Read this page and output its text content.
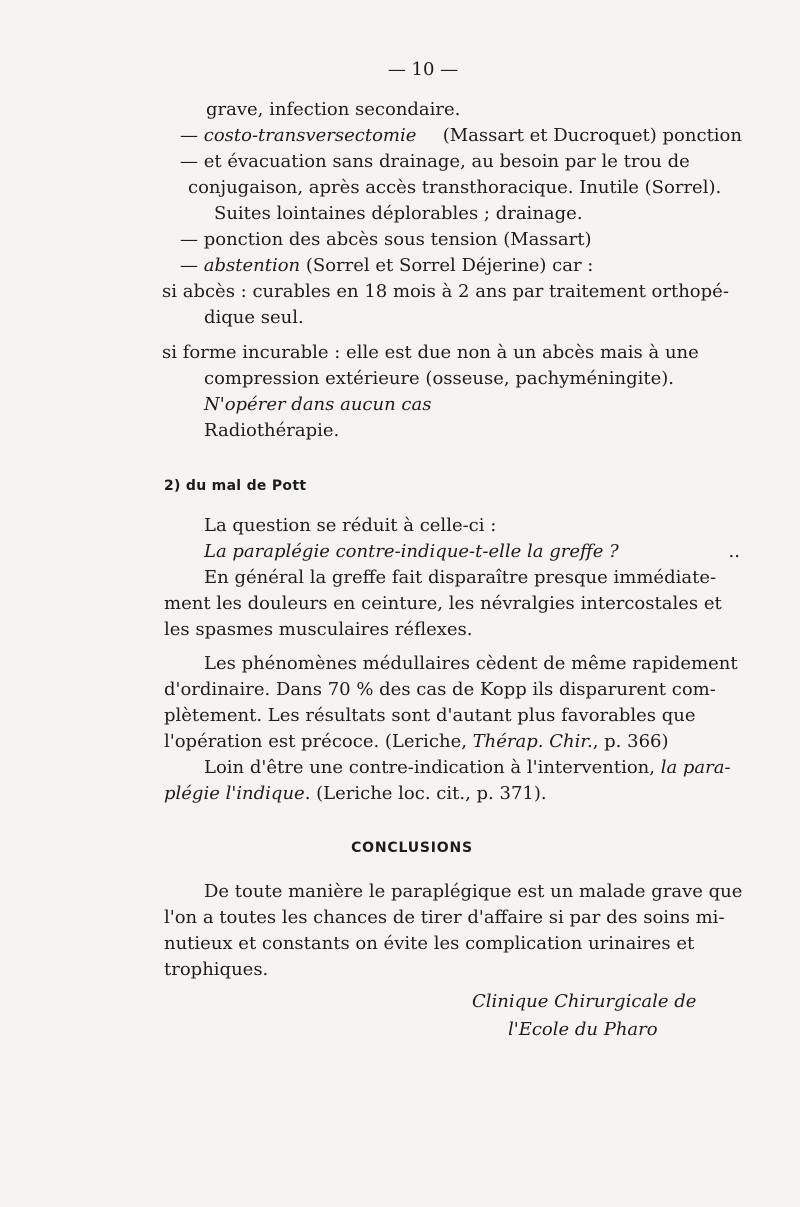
— 10 —
grave, infection secondaire.
— costo-transversectomie (Massart et Ducroquet) ponction
— et évacuation sans drainage, au besoin par le trou de
conjugaison, après accès transthoracique. Inutile (Sorrel).
Suites lointaines déplorables ; drainage.
— ponction des abcès sous tension (Massart)
— abstention (Sorrel et Sorrel Déjerine) car :
si abcès : curables en 18 mois à 2 ans par traitement orthopé-
dique seul.
si forme incurable : elle est due non à un abcès mais à une
compression extérieure (osseuse, pachyméningite).
N'opérer dans aucun cas
Radiothérapie.
2) du mal de Pott
La question se réduit à celle-ci :
La paraplégie contre-indique-t-elle la greffe ?	..
En général la greffe fait disparaître presque immédiate-
ment les douleurs en ceinture, les névralgies intercostales et
les spasmes musculaires réflexes.
Les phénomènes médullaires cèdent de même rapidement
d'ordinaire. Dans 70 % des cas de Kopp ils disparurent com-
plètement. Les résultats sont d'autant plus favorables que
l'opération est précoce. (Leriche, Thérap. Chir., p. 366)
Loin d'être une contre-indication à l'intervention, la para-
plégie l'indique. (Leriche loc. cit., p. 371).
CONCLUSIONS
De toute manière le paraplégique est un malade grave que
l'on a toutes les chances de tirer d'affaire si par des soins mi-
nutieux et constants on évite les complication urinaires et
trophiques.
Clinique Chirurgicale de
l'Ecole du Pharo
